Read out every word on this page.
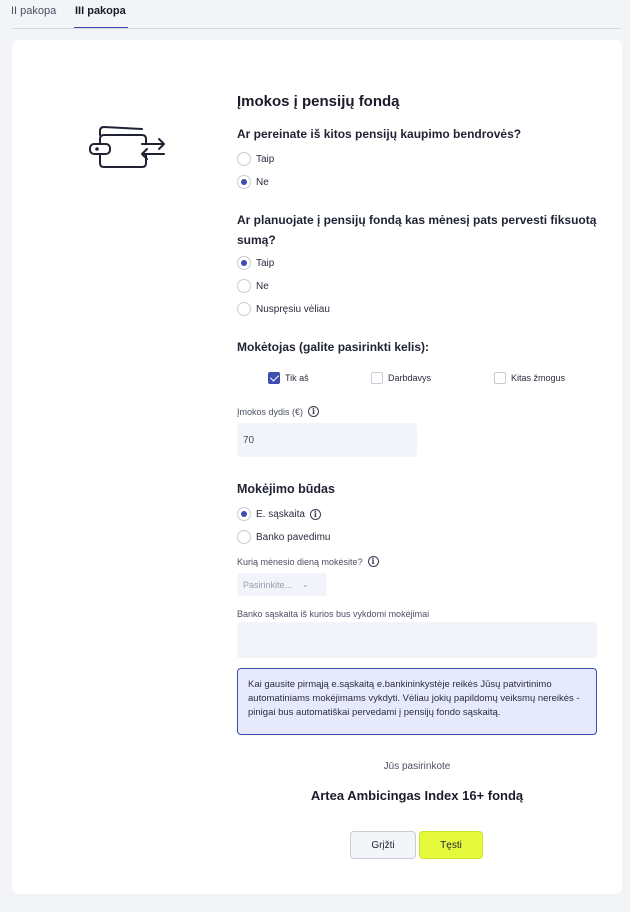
II pakopa III pakopa
Įmokos į pensijų fondą
Ar pereinate iš kitos pensijų kaupimo bendrovės?
Taip
Ne
Ar planuojate į pensijų fondą kas mėnesį pats pervesti fiksuotą sumą?
Taip
Ne
Nuspręsiu vėliau
Mokėtojas (galite pasirinkti kelis):
Tik aš	Darbdavys	Kitas žmogus
Įmokos dydis (€)	i
70
Mokėjimo būdas
E. sąskaita	i
Banko pavedimu
Kurią mėnesio dieną mokėsite?	i
Pasirinkite... ⌄
Banko sąskaita iš kurios bus vykdomi mokėjimai
Kai gausite pirmąją e.sąskaitą e.bankininkystėje reikės Jūsų patvirtinimo automatiniams mokėjimams vykdyti. Vėliau jokių papildomų veiksmų nereikės - pinigai bus automatiškai pervedami į pensijų fondo sąskaitą.
Jūs pasirinkote
Artea Ambicingas Index 16+ fondą
Grįžti	Tęsti
